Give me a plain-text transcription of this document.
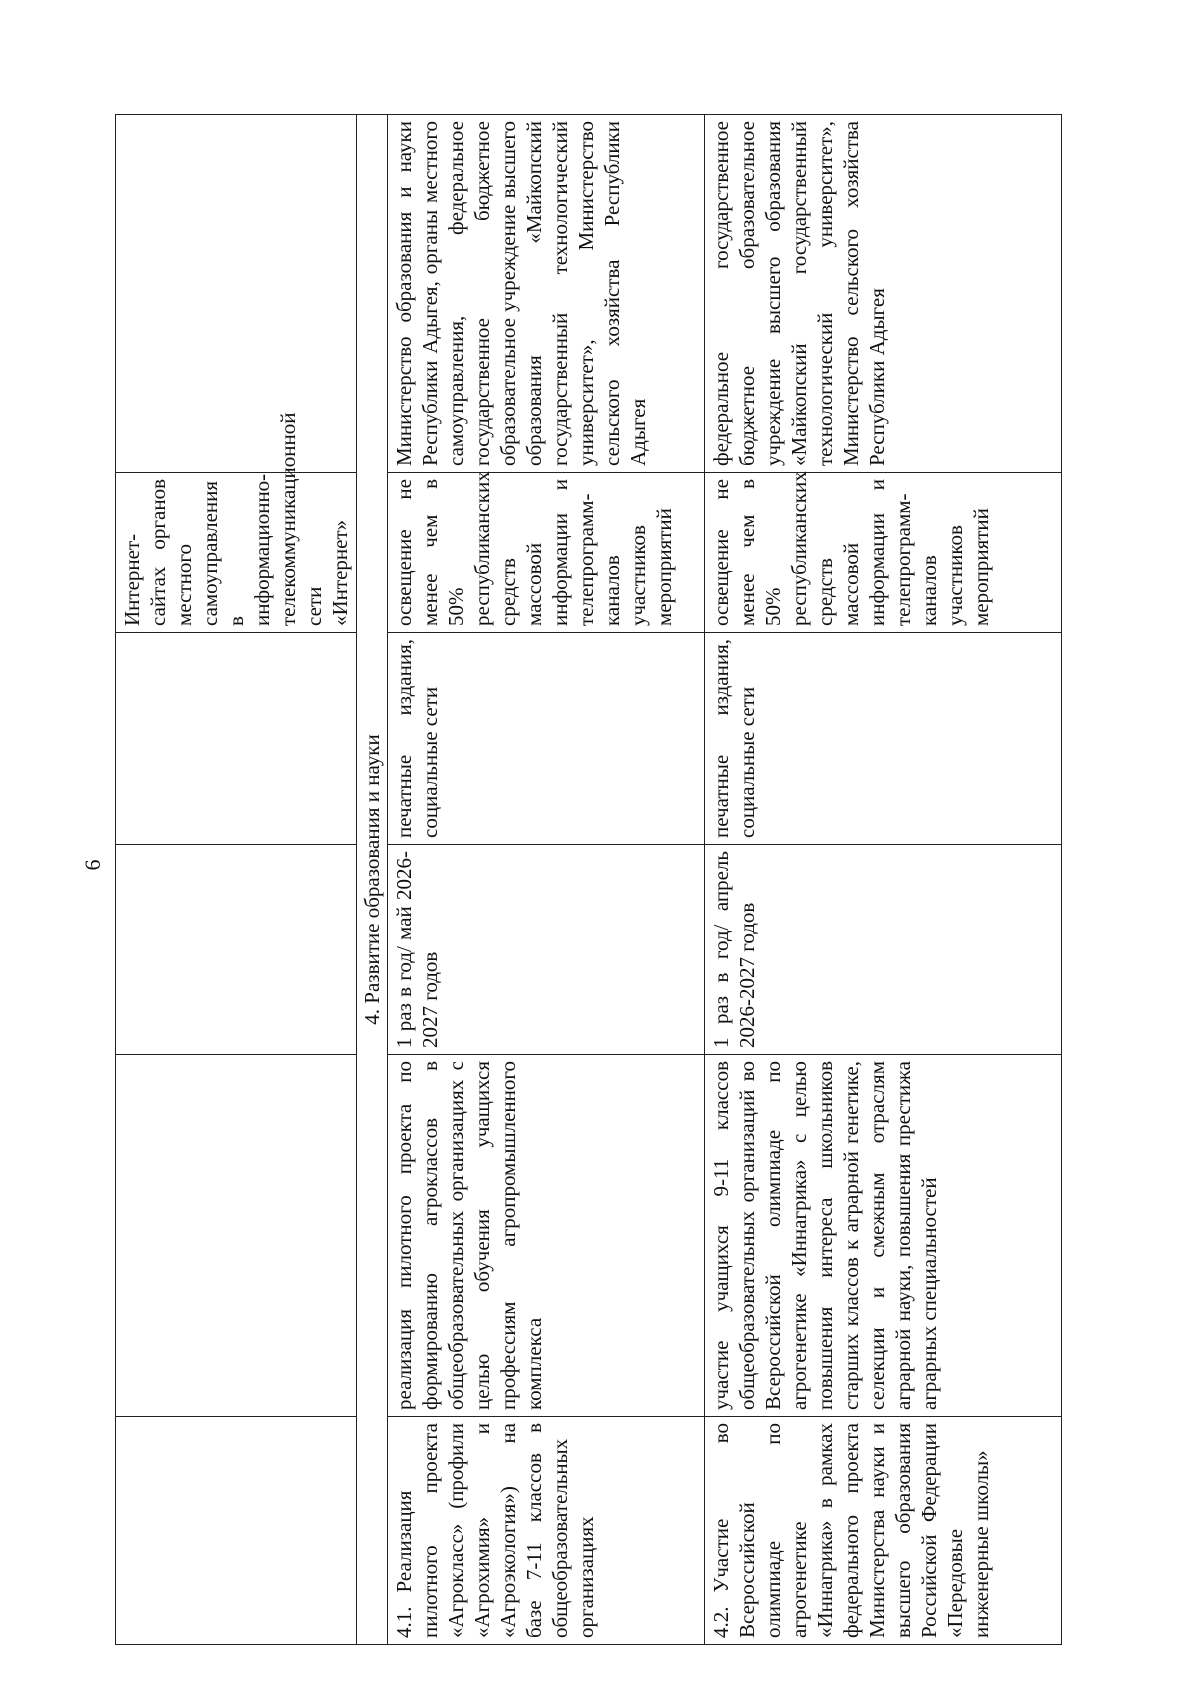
6
				Интернет-сайтах органов местного самоуправления в информационно-телекоммуникационной сети «Интернет»	
4. Развитие образования и науки					
4.1.Реализация пилотного проекта «Агрокласс» (профили «Агрохимия» и «Агроэкология») на базе 7-11 классов в общеобразовательных организациях	реализация пилотного проекта по формированию агроклассов в общеобразовательных организациях с целью обучения учащихся профессиям агропромышленного комплекса	1 раз в год/ май 2026-2027 годов	печатные издания, социальные сети	освещение не менее чем в 50% республиканских средств массовой информации и телепрограмм-каналов участников мероприятий	Министерство образования и науки Республики Адыгея, органы местного самоуправления, федеральное государственное бюджетное образовательное учреждение высшего образования «Майкопский государственный технологический университет», Министерство сельского хозяйства Республики Адыгея
4.2.Участие во Всероссийской олимпиаде по агрогенетике «Иннагрика» в рамках федерального проекта Министерства науки и высшего образования Российской Федерации «Передовые инженерные школы»	участие учащихся 9-11 классов общеобразовательных организаций во Всероссийской олимпиаде по агрогенетике «Иннагрика» с целью повышения интереса школьников старших классов к аграрной генетике, селекции и смежным отраслям аграрной науки, повышения престижа аграрных специальностей	1 раз в год/ апрель 2026-2027 годов	печатные издания, социальные сети	освещение не менее чем в 50% республиканских средств массовой информации и телепрограмм-каналов участников мероприятий	федеральное государственное бюджетное образовательное учреждение высшего образования «Майкопский государственный технологический университет», Министерство сельского хозяйства Республики Адыгея
